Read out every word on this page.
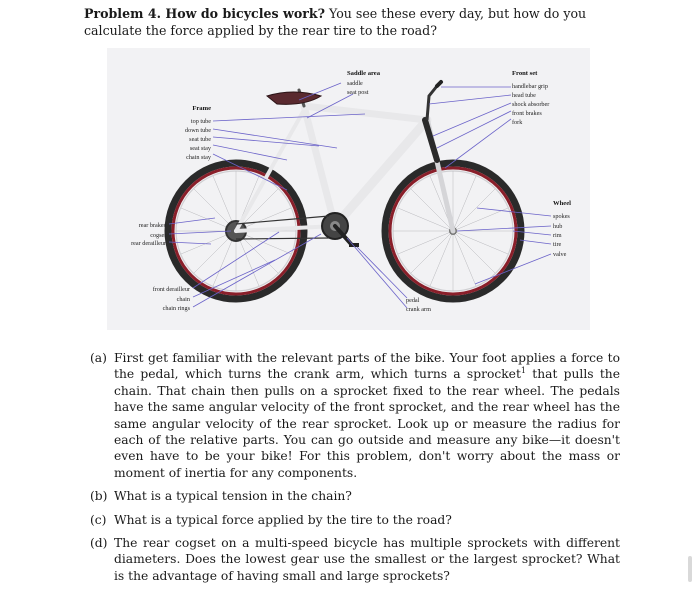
Problem 4. How do bicycles work? You see these every day, but how do you calculate the force applied by the rear tire to the road?
Saddle area
saddle
seat post
Front set
handlebar grip
head tube
shock absorber
front brakes
fork
Frame
top tube
down tube
seat tube
seat stay
chain stay
rear brakes
cogset
rear derailleur
front derailleur
chain
chain rings
pedal
crank arm
Wheel
spokes
hub
rim
tire
valve
(a) First get familiar with the relevant parts of the bike. Your foot applies a force to the pedal, which turns the crank arm, which turns a sprocket$^1$ that pulls the chain. That chain then pulls on a sprocket fixed to the rear wheel. The pedals have the same angular velocity of the front sprocket, and the rear wheel has the same angular velocity of the rear sprocket. Look up or measure the radius for each of the relative parts. You can go outside and measure any bike—it doesn't even have to be your bike! For this problem, don't worry about the mass or moment of inertia for any components.
(b) What is a typical tension in the chain?
(c) What is a typical force applied by the tire to the road?
(d) The rear cogset on a multi-speed bicycle has multiple sprockets with different diameters. Does the lowest gear use the smallest or the largest sprocket? What is the advantage of having small and large sprockets?
